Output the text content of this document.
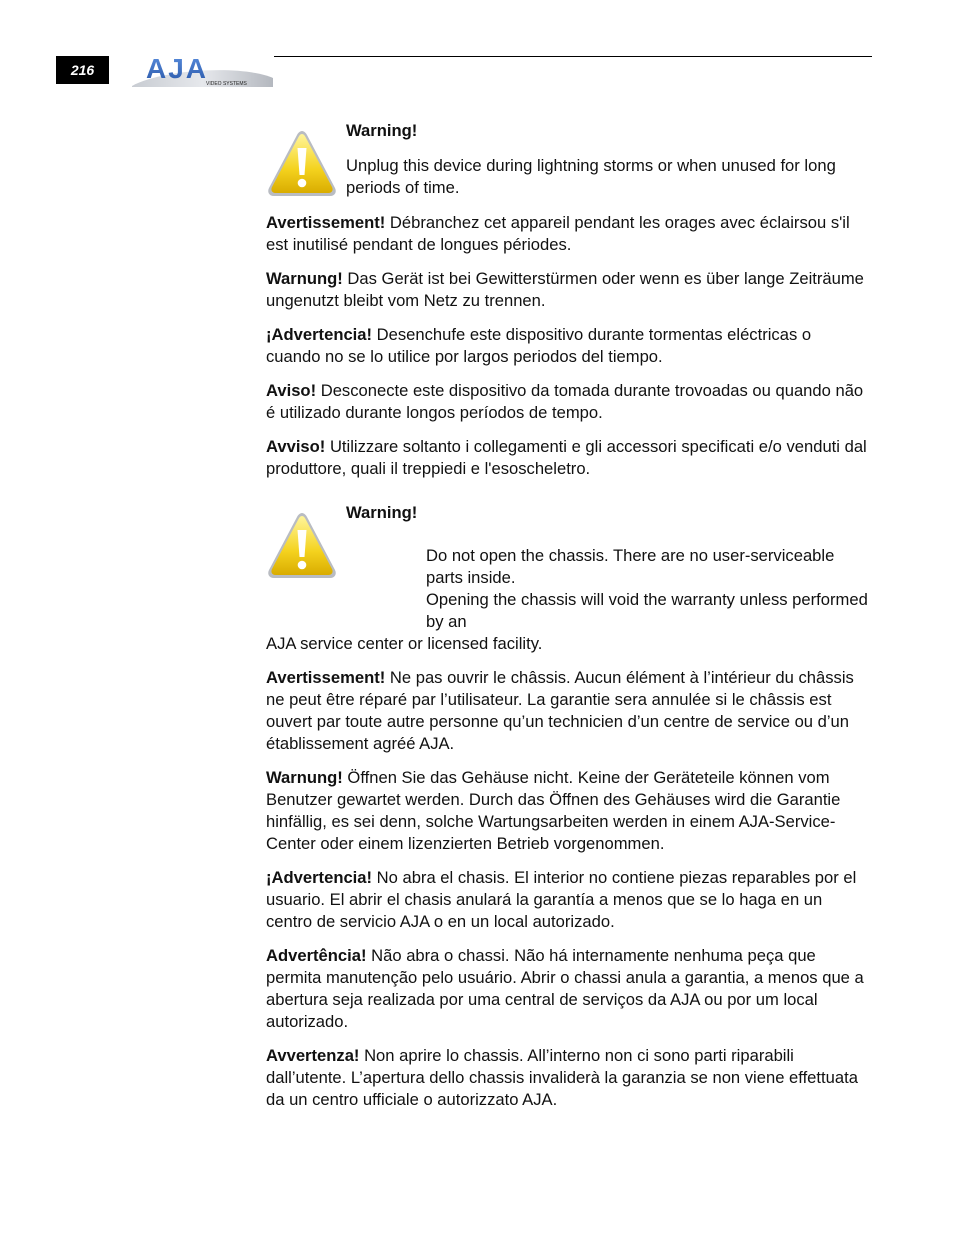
216	AJA
VIDEO SYSTEMS

Warning!

Unplug this device during lightning storms or when unused for long periods of time.

Avertissement! Débranchez cet appareil pendant les orages avec éclairsou s'il est inutilisé pendant de longues périodes.

Warnung! Das Gerät ist bei Gewitterstürmen oder wenn es über lange Zeiträume ungenutzt bleibt vom Netz zu trennen.

¡Advertencia! Desenchufe este dispositivo durante tormentas eléctricas o cuando no se lo utilice por largos periodos del tiempo.

Aviso! Desconecte este dispositivo da tomada durante trovoadas ou quando não é utilizado durante longos períodos de tempo.

Avviso! Utilizzare soltanto i collegamenti e gli accessori specificati e/o venduti dal produttore, quali il treppiedi e l'esoscheletro.

Warning!

Do not open the chassis. There are no user-serviceable parts inside.

Opening the chassis will void the warranty unless performed by an

AJA service center or licensed facility.

Avertissement! Ne pas ouvrir le châssis. Aucun élément à l’intérieur du châssis ne peut être réparé par l’utilisateur. La garantie sera annulée si le châssis est ouvert par toute autre personne qu’un technicien d’un centre de service ou d’un établissement agréé AJA.

Warnung! Öffnen Sie das Gehäuse nicht. Keine der Geräteteile können vom Benutzer gewartet werden. Durch das Öffnen des Gehäuses wird die Garantie hinfällig, es sei denn, solche Wartungsarbeiten werden in einem AJA-Service-Center oder einem lizenzierten Betrieb vorgenommen.

¡Advertencia! No abra el chasis. El interior no contiene piezas reparables por el usuario. El abrir el chasis anulará la garantía a menos que se lo haga en un centro de servicio AJA o en un local autorizado.

Advertência! Não abra o chassi. Não há internamente nenhuma peça que permita manutenção pelo usuário. Abrir o chassi anula a garantia, a menos que a abertura seja realizada por uma central de serviços da AJA ou por um local autorizado.

Avvertenza! Non aprire lo chassis. All’interno non ci sono parti riparabili dall’utente. L’apertura dello chassis invaliderà la garanzia se non viene effettuata da un centro ufficiale o autorizzato AJA.
